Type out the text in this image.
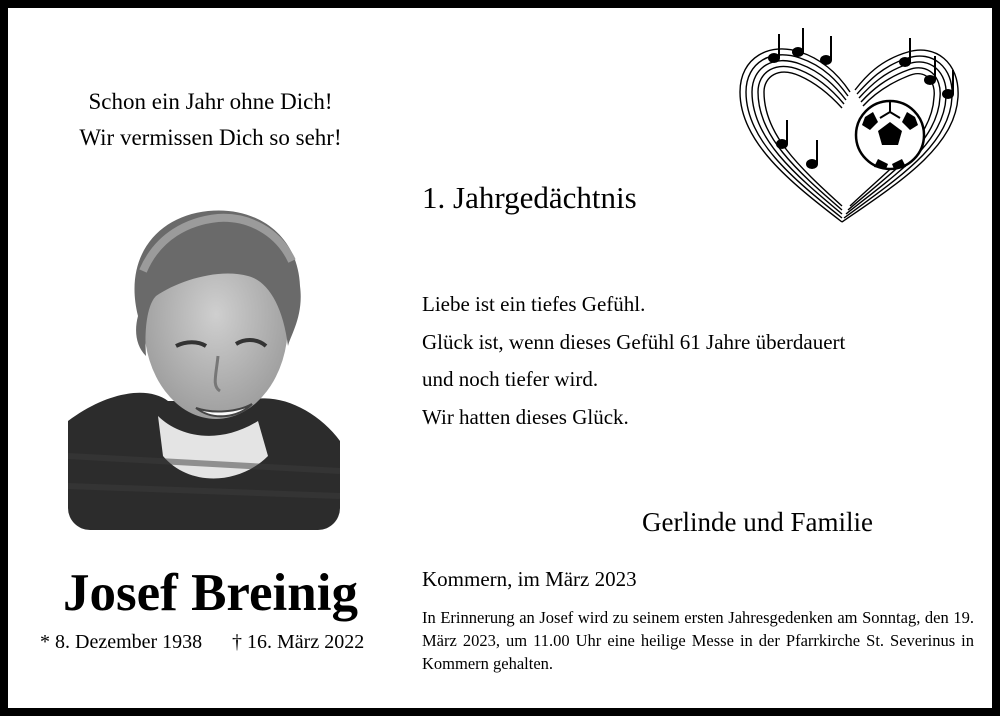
Schon ein Jahr ohne Dich!
Wir vermissen Dich so sehr!
Josef Breinig
* 8. Dezember 1938 † 16. März 2022
1. Jahrgedächtnis
Liebe ist ein tiefes Gefühl.
Glück ist, wenn dieses Gefühl 61 Jahre überdauert
und noch tiefer wird.
Wir hatten dieses Glück.
Gerlinde und Familie
Kommern, im März 2023
In Erinnerung an Josef wird zu seinem ersten Jahresgedenken am Sonntag, den 19. März 2023, um 11.00 Uhr eine heilige Messe in der Pfarrkirche St. Severinus in Kommern gehalten.
